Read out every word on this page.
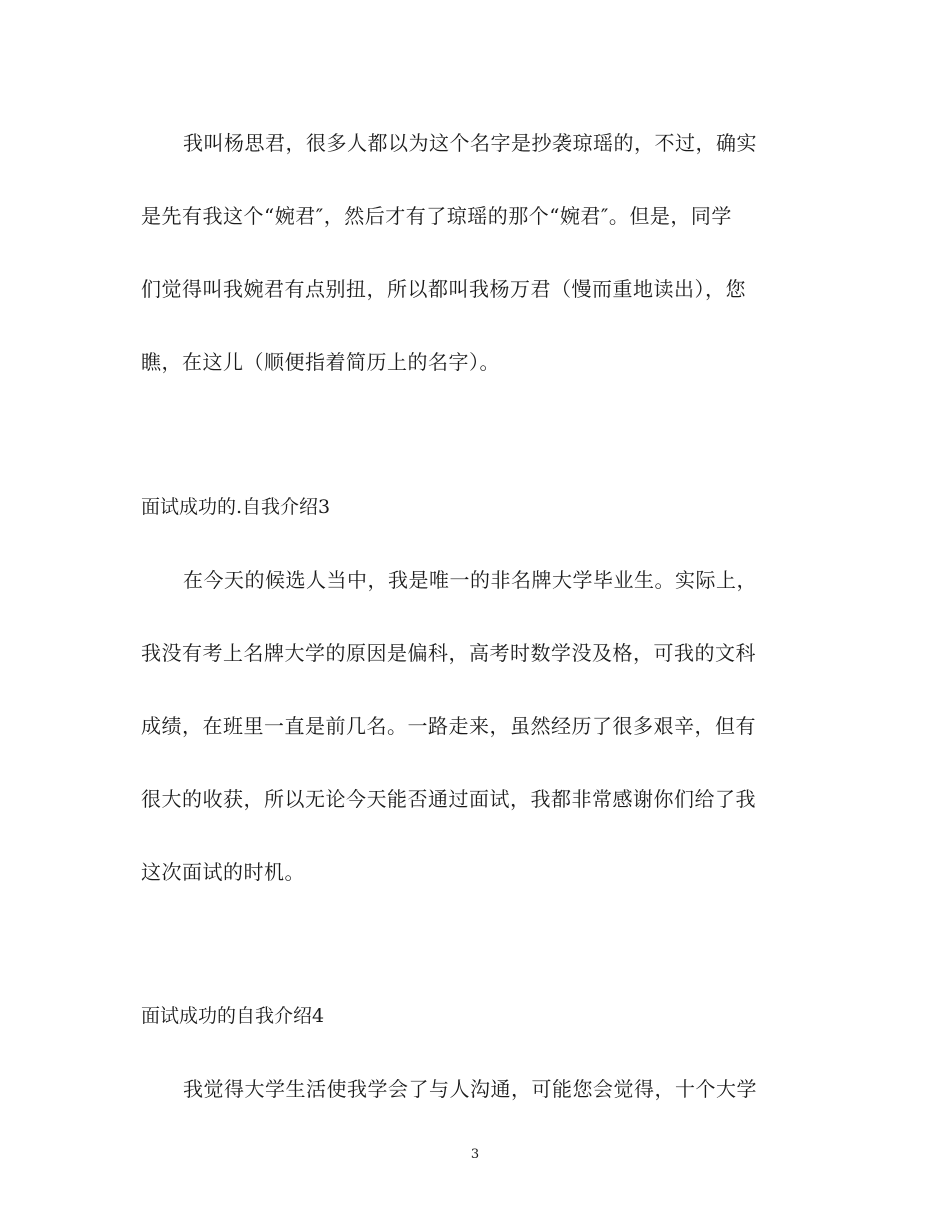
我叫杨思君，很多人都以为这个名字是抄袭琼瑶的，不过，确实
是先有我这个“婉君″，然后才有了琼瑶的那个“婉君″。但是，同学
们觉得叫我婉君有点别扭，所以都叫我杨万君（慢而重地读出），您
瞧，在这儿（顺便指着简历上的名字）。
面试成功的.自我介绍3
在今天的候选人当中，我是唯一的非名牌大学毕业生。实际上，
我没有考上名牌大学的原因是偏科，高考时数学没及格，可我的文科
成绩，在班里一直是前几名。一路走来，虽然经历了很多艰辛，但有
很大的收获，所以无论今天能否通过面试，我都非常感谢你们给了我
这次面试的时机。
面试成功的自我介绍4
我觉得大学生活使我学会了与人沟通，可能您会觉得，十个大学
3
